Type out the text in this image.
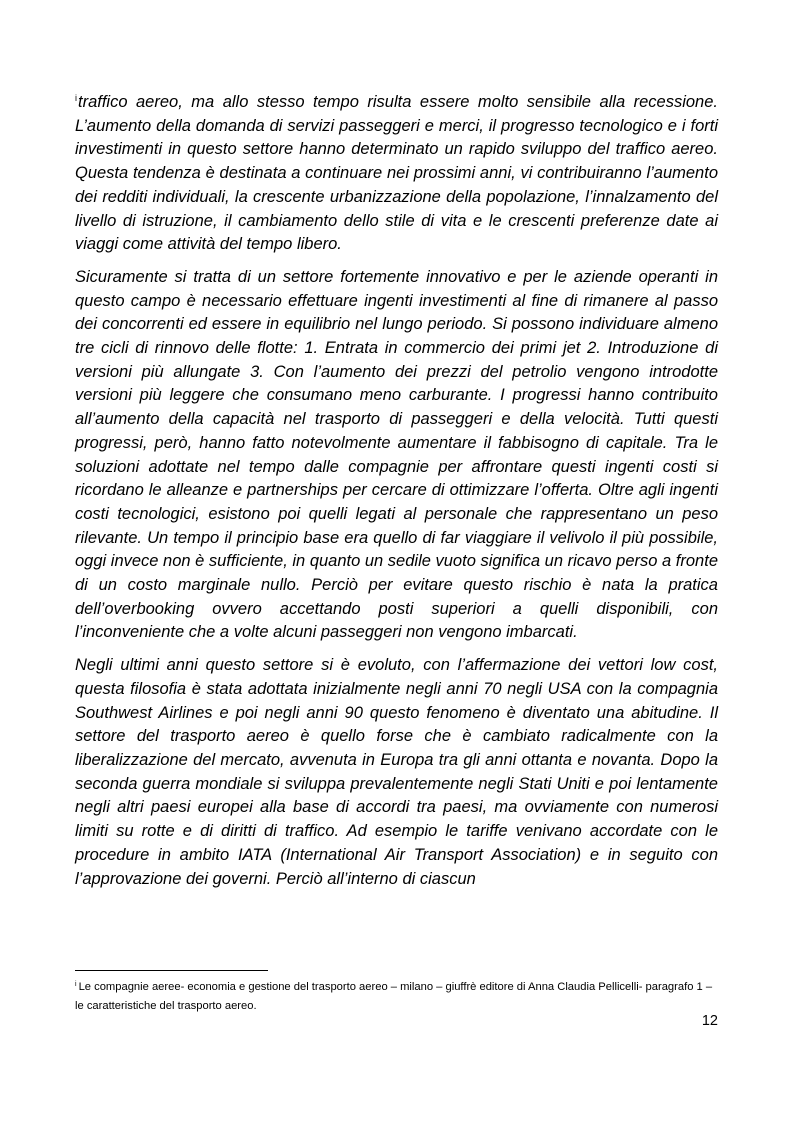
$^i$traffico aereo, ma allo stesso tempo risulta essere molto sensibile alla recessione. L’aumento della domanda di servizi passeggeri e merci, il progresso tecnologico e i forti investimenti in questo settore hanno determinato un rapido sviluppo del traffico aereo. Questa tendenza è destinata a continuare nei prossimi anni, vi contribuiranno l’aumento dei redditi individuali, la crescente urbanizzazione della popolazione, l’innalzamento del livello di istruzione, il cambiamento dello stile di vita e le crescenti preferenze date ai viaggi come attività del tempo libero.

Sicuramente si tratta di un settore fortemente innovativo e per le aziende operanti in questo campo è necessario effettuare ingenti investimenti al fine di rimanere al passo dei concorrenti ed essere in equilibrio nel lungo periodo. Si possono individuare almeno tre cicli di rinnovo delle flotte: 1. Entrata in commercio dei primi jet 2. Introduzione di versioni più allungate 3. Con l’aumento dei prezzi del petrolio vengono introdotte versioni più leggere che consumano meno carburante. I progressi hanno contribuito all’aumento della capacità nel trasporto di passeggeri e della velocità. Tutti questi progressi, però, hanno fatto notevolmente aumentare il fabbisogno di capitale. Tra le soluzioni adottate nel tempo dalle compagnie per affrontare questi ingenti costi si ricordano le alleanze e partnerships per cercare di ottimizzare l’offerta. Oltre agli ingenti costi tecnologici, esistono poi quelli legati al personale che rappresentano un peso rilevante. Un tempo il principio base era quello di far viaggiare il velivolo il più possibile, oggi invece non è sufficiente, in quanto un sedile vuoto significa un ricavo perso a fronte di un costo marginale nullo. Perciò per evitare questo rischio è nata la pratica dell’overbooking ovvero accettando posti superiori a quelli disponibili, con l’inconveniente che a volte alcuni passeggeri non vengono imbarcati.

Negli ultimi anni questo settore si è evoluto, con l’affermazione dei vettori low cost, questa filosofia è stata adottata inizialmente negli anni 70 negli USA con la compagnia Southwest Airlines e poi negli anni 90 questo fenomeno è diventato una abitudine. Il settore del trasporto aereo è quello forse che è cambiato radicalmente con la liberalizzazione del mercato, avvenuta in Europa tra gli anni ottanta e novanta. Dopo la seconda guerra mondiale si sviluppa prevalentemente negli Stati Uniti e poi lentamente negli altri paesi europei alla base di accordi tra paesi, ma ovviamente con numerosi limiti su rotte e di diritti di traffico. Ad esempio le tariffe venivano accordate con le procedure in ambito IATA (International Air Transport Association) e in seguito con l’approvazione dei governi. Perciò all’interno di ciascun

$^i$ Le compagnie aeree- economia e gestione del trasporto aereo – milano – giuffrè editore di Anna Claudia Pellicelli- paragrafo 1 – le caratteristiche del trasporto aereo.

12
